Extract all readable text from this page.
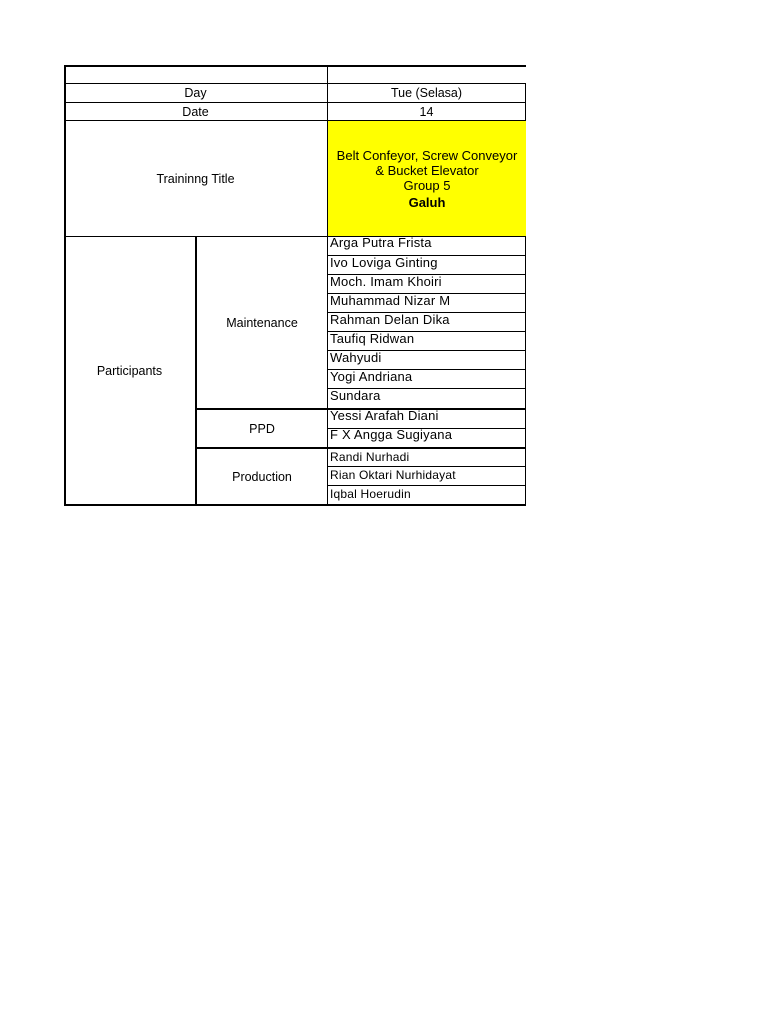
Day	Tue (Selasa)
Date	14
Traininng Title
Belt Confeyor, Screw Conveyor
& Bucket Elevator
Group 5
Galuh
Participants
Maintenance
PPD
Production
Arga Putra Frista
Ivo Loviga Ginting
Moch. Imam Khoiri
Muhammad Nizar M
Rahman Delan Dika
Taufiq Ridwan
Wahyudi
Yogi Andriana
Sundara
Yessi Arafah Diani
F X Angga Sugiyana
Randi Nurhadi
Rian Oktari Nurhidayat
Iqbal Hoerudin
